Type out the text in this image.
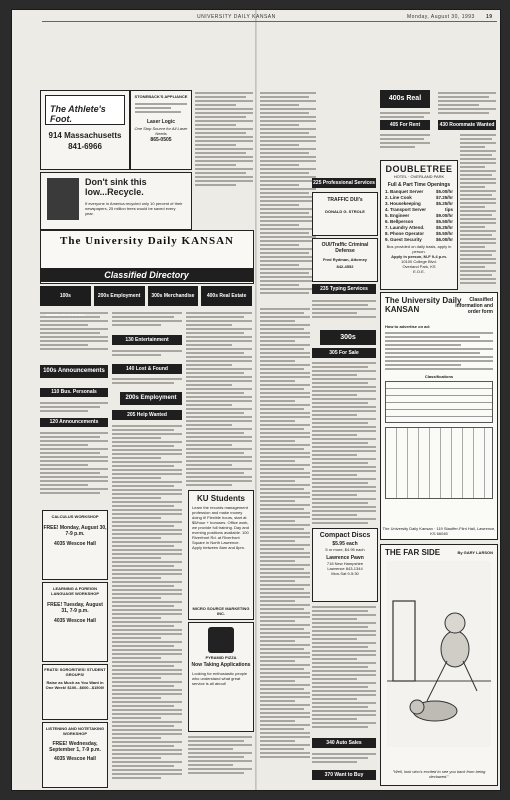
UNIVERSITY DAILY KANSAN	Monday, August 30, 1993 19
The Athlete's Foot.
914 Massachusetts
841-6966
STONEBACK'S APPLIANCE
Laser Logic
One Stop Source for All Laser Needs
865-0505
Don't sink this low...Recycle.
If everyone in America recycled only 10 percent of their newspapers, 25 million trees would be saved every year.
The University Daily KANSAN
Classified Directory
100s	200s Employment	300s Merchandise	400s Real Estate
100s Announcements
110 Bus. Personals
120 Announcements
CALCULUS WORKSHOP
FREE! Monday, August 30, 7-9 p.m.
4035 Wescoe Hall
LEARNING A FOREIGN LANGUAGE WORKSHOP
FREE! Tuesday, August 31, 7-9 p.m.
4035 Wescoe Hall
FRATS! SORORITIES! STUDENT GROUPS!
Raise as Much as You Want in One Week! $100...$600...$1500!
LISTENING AND NOTETAKING WORKSHOP
FREE! Wednesday, September 1, 7-9 p.m.
4035 Wescoe Hall
130 Entertainment
140 Lost & Found
200s Employment
205 Help Wanted
KU Students
Learn the records management profession and make money doing it! Flexible hours, start at $5/hour + bonuses. Office work, we provide full training. Day and evening positions available. 100 Riverfront Rd. at Riverfront Square in North Lawrence. Apply between 8am and 8pm.
MICRO SOURCE MARKETING INC.
PYRAMID PIZZA
Now Taking Applications
Looking for enthusiastic people who understand what great service is all about!
225 Professional Services
TRAFFIC DUI's
DONALD G. STROLE
OUI/Traffic Criminal Defense
Fred Rydman, Attorney
842-4552
235 Typing Services
300s
305 For Sale
Compact Discs
$5.95 each
5 or more, $4.95 each
Lawrence Pawn
718 New Hampshire
Lawrence 843-1344
Mon-Sat 9-5:30
340 Auto Sales
370 Want to Buy
400s Real
405 For Rent
DOUBLETREE
HOTEL · OVERLAND PARK
Full & Part Time Openings
1. Banquet Server	$5.00/hr
2. Line Cook	$7.25/hr
3. Housekeeping	$5.25/hr
4. Transport Server	tips
5. Engineer	$9.00/hr
6. Bellperson	$5.50/hr
7. Laundry Attend.	$5.25/hr
8. Phone Operator	$5.50/hr
9. Guest Security	$6.00/hr
Bus provided on daily basis, apply in person.
Apply in person, M-F 9-4 p.m.
10100 College Blvd.
Overland Park, KS
E.O.E.
430 Roommate Wanted
The University Daily KANSAN
Classified information and order form
How to advertise on ad:
Classifications
The University Daily Kansan · 119 Stauffer-Flint Hall, Lawrence, KS 66045
THE FAR SIDE	By GARY LARSON
"Well, look who's excited to see you back from being declawed."
